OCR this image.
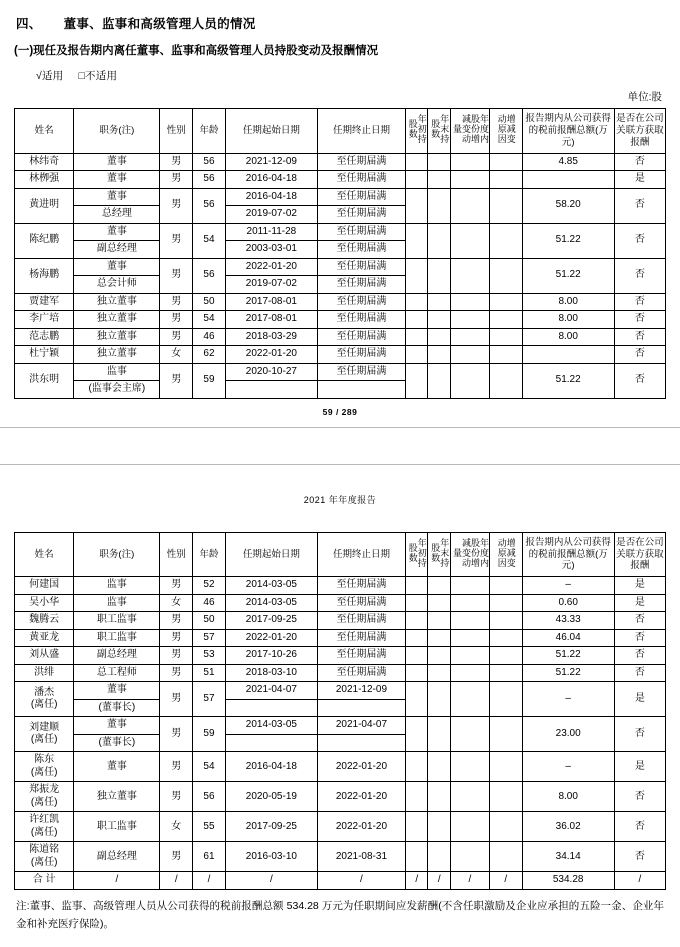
四、 董事、监事和高级管理人员的情况
(一)现任及报告期内离任董事、监事和高级管理人员持股变动及报酬情况
√适用 □不适用
单位:股
姓名	职务(注)	性别	年龄	任期起始日期	任期终止日期	年初持股数	年末持股数	年度内股份增减变动量	增减变动原因	报告期内从公司获得的税前报酬总额(万元)	是否在公司关联方获取报酬
林纬奇	董事	男	56	2021-12-09	至任期届满					4.85	否
林栁强	董事	男	56	2016-04-18	至任期届满						是
黄进明	董事	男	56	2016-04-18	至任期届满					58.20	否
	总经理			2019-07-02	至任期届满						
陈纪鹏	董事	男	54	2011-11-28	至任期届满					51.22	否
	副总经理			2003-03-01	至任期届满						
杨海鹏	董事	男	56	2022-01-20	至任期届满					51.22	否
	总会计师			2019-07-02	至任期届满						
贾建军	独立董事	男	50	2017-08-01	至任期届满					8.00	否
李广培	独立董事	男	54	2017-08-01	至任期届满					8.00	否
范志鹏	独立董事	男	46	2018-03-29	至任期届满					8.00	否
杜宁颖	独立董事	女	62	2022-01-20	至任期届满						否
洪东明	监事	男	59	2020-10-27	至任期届满					51.22	否
	(监事会主席)										
59 / 289
2021 年年度报告
姓名	职务(注)	性别	年龄	任期起始日期	任期终止日期	年初持股数	年末持股数	年度内股份增减变动量	增减变动原因	报告期内从公司获得的税前报酬总额(万元)	是否在公司关联方获取报酬
何建国	监事	男	52	2014-03-05	至任期届满					–	是
吴小华	监事	女	46	2014-03-05	至任期届满					0.60	是
魏腾云	职工监事	男	50	2017-09-25	至任期届满					43.33	否
黄亚龙	职工监事	男	57	2022-01-20	至任期届满					46.04	否
刘从盛	副总经理	男	53	2017-10-26	至任期届满					51.22	否
洪绯	总工程师	男	51	2018-03-10	至任期届满					51.22	否

潘杰
(离任)	董事	男	57	2021-04-07	2021-12-09					–	是
	(董事长)										

刘建顺
(离任)	董事	男	59	2014-03-05	2021-04-07					23.00	否
	(董事长)										

陈东
(离任)	董事	男	54	2016-04-18	2022-01-20					–	是

郑振龙
(离任)	独立董事	男	56	2020-05-19	2022-01-20					8.00	否

许红凯
(离任)	职工监事	女	55	2017-09-25	2022-01-20					36.02	否

陈道铭
(离任)	副总经理	男	61	2016-03-10	2021-08-31					34.14	否
合 计	/	/	/	/	/	/	/	/	/	534.28	/
注:董事、监事、高级管理人员从公司获得的税前报酬总额 534.28 万元为任职期间应发薪酬(不含任职激励及企业应承担的五险一金、企业年金和补充医疗保险)。
